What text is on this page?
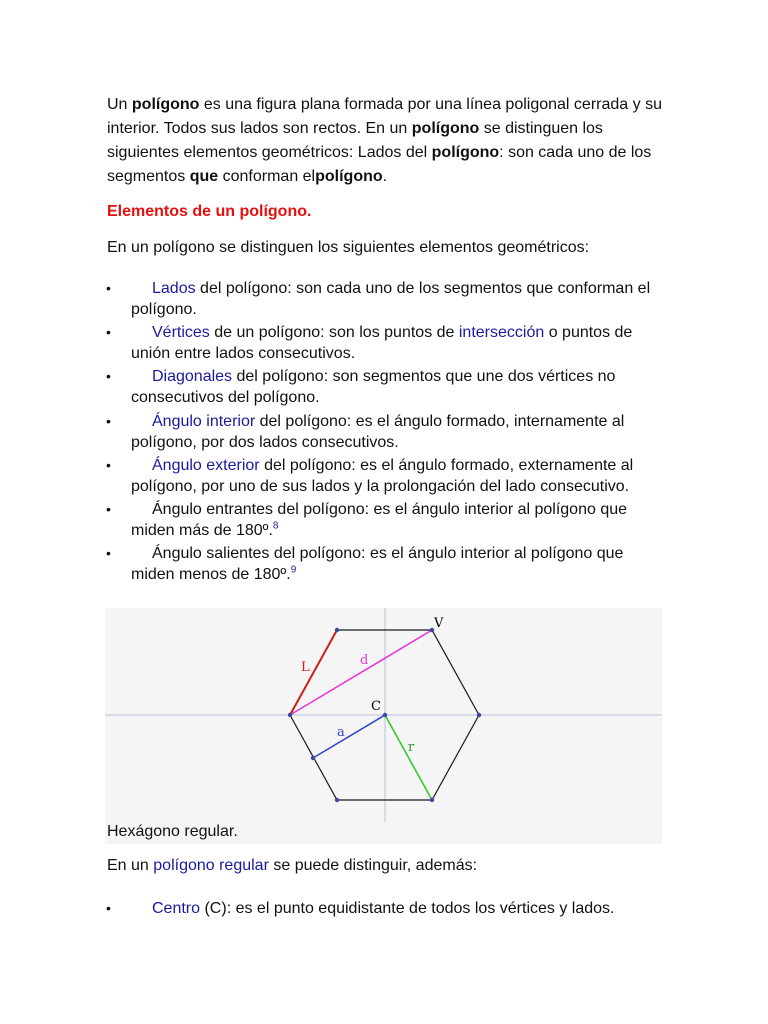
Un polígono es una figura plana formada por una línea poligonal cerrada y su interior. Todos sus lados son rectos. En un polígono se distinguen los siguientes elementos geométricos: Lados del polígono: son cada uno de los segmentos que conforman elpolígono.

Elementos de un polígono.

En un polígono se distinguen los siguientes elementos geométricos:

•	Lados del polígono: son cada uno de los segmentos que conforman el polígono.
•	Vértices de un polígono: son los puntos de intersección o puntos de unión entre lados consecutivos.
•	Diagonales del polígono: son segmentos que une dos vértices no consecutivos del polígono.
•	Ángulo interior del polígono: es el ángulo formado, internamente al polígono, por dos lados consecutivos.
•	Ángulo exterior del polígono: es el ángulo formado, externamente al polígono, por uno de sus lados y la prolongación del lado consecutivo.
•	Ángulo entrantes del polígono: es el ángulo interior al polígono que miden más de 180º.$^8$
•	Ángulo salientes del polígono: es el ángulo interior al polígono que miden menos de 180º.$^9$
V
L	d
C
a
r

Hexágono regular.

En un polígono regular se puede distinguir, además:

•	Centro (C): es el punto equidistante de todos los vértices y lados.
